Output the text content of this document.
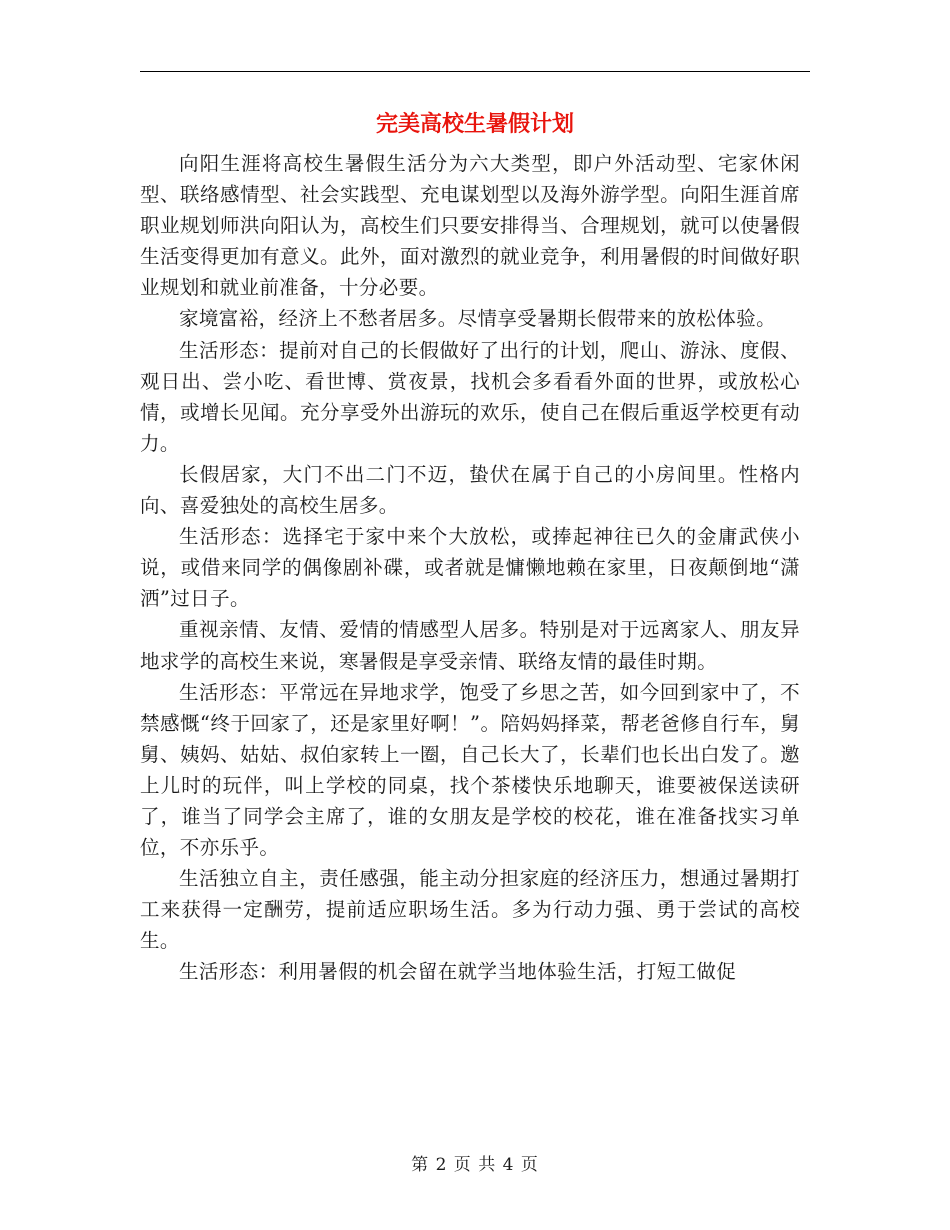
完美高校生暑假计划

向阳生涯将高校生暑假生活分为六大类型，即户外活动型、宅家休闲型、联络感情型、社会实践型、充电谋划型以及海外游学型。向阳生涯首席职业规划师洪向阳认为，高校生们只要安排得当、合理规划，就可以使暑假生活变得更加有意义。此外，面对激烈的就业竞争，利用暑假的时间做好职业规划和就业前准备，十分必要。

家境富裕，经济上不愁者居多。尽情享受暑期长假带来的放松体验。

生活形态：提前对自己的长假做好了出行的计划，爬山、游泳、度假、观日出、尝小吃、看世博、赏夜景，找机会多看看外面的世界，或放松心情，或增长见闻。充分享受外出游玩的欢乐，使自己在假后重返学校更有动力。

长假居家，大门不出二门不迈，蛰伏在属于自己的小房间里。性格内向、喜爱独处的高校生居多。

生活形态：选择宅于家中来个大放松，或捧起神往已久的金庸武侠小说，或借来同学的偶像剧补碟，或者就是慵懒地赖在家里，日夜颠倒地“潇洒”过日子。

重视亲情、友情、爱情的情感型人居多。特别是对于远离家人、朋友异地求学的高校生来说，寒暑假是享受亲情、联络友情的最佳时期。

生活形态：平常远在异地求学，饱受了乡思之苦，如今回到家中了，不禁感慨“终于回家了，还是家里好啊！”。陪妈妈择菜，帮老爸修自行车，舅舅、姨妈、姑姑、叔伯家转上一圈，自己长大了，长辈们也长出白发了。邀上儿时的玩伴，叫上学校的同桌，找个茶楼快乐地聊天，谁要被保送读研了，谁当了同学会主席了，谁的女朋友是学校的校花，谁在准备找实习单位，不亦乐乎。

生活独立自主，责任感强，能主动分担家庭的经济压力，想通过暑期打工来获得一定酬劳，提前适应职场生活。多为行动力强、勇于尝试的高校生。

生活形态：利用暑假的机会留在就学当地体验生活，打短工做促

第 2 页 共 4 页
